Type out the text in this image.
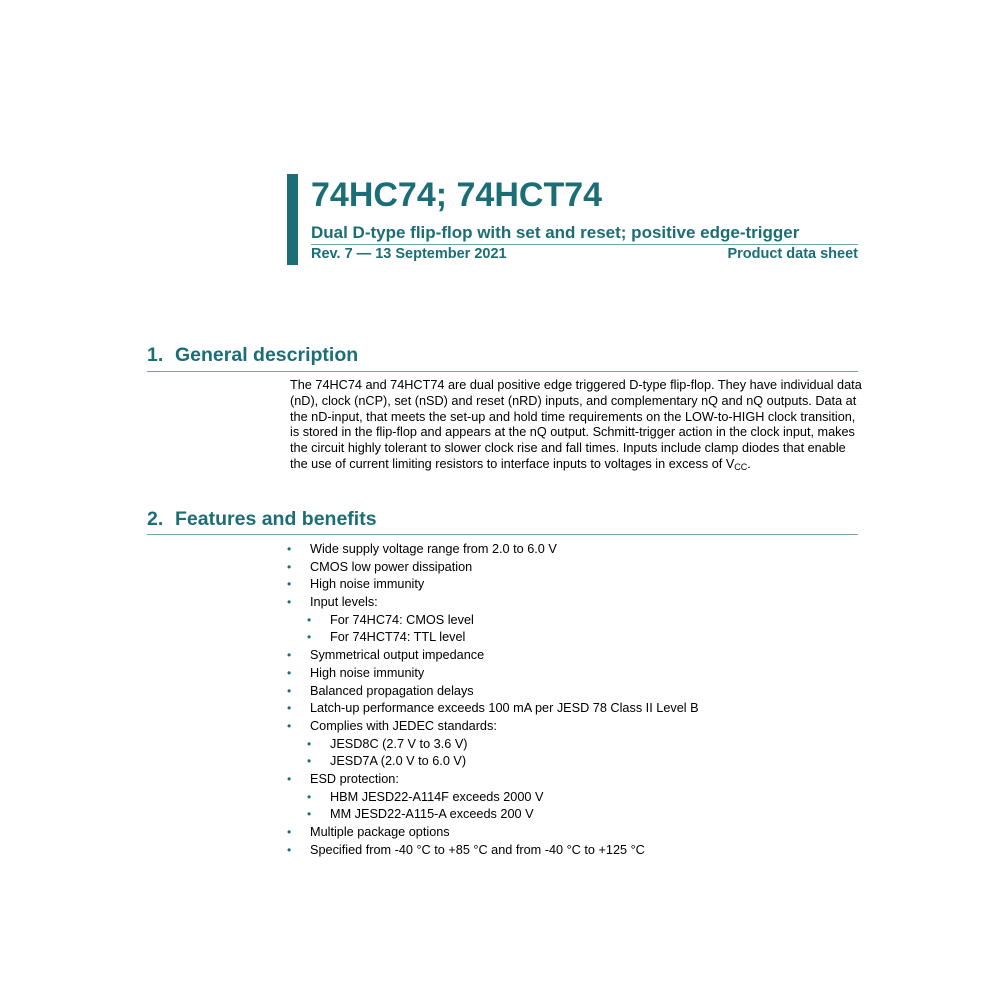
74HC74; 74HCT74
Dual D-type flip-flop with set and reset; positive edge-trigger
Rev. 7 — 13 September 2021	Product data sheet
1. General description

The 74HC74 and 74HCT74 are dual positive edge triggered D-type flip-flop. They have individual data (nD), clock (nCP), set (nSD) and reset (nRD) inputs, and complementary nQ and nQ outputs. Data at the nD-input, that meets the set-up and hold time requirements on the LOW-to-HIGH clock transition, is stored in the flip-flop and appears at the nQ output. Schmitt-trigger action in the clock input, makes the circuit highly tolerant to slower clock rise and fall times. Inputs include clamp diodes that enable the use of current limiting resistors to interface inputs to voltages in excess of $V_{CC}$.

2. Features and benefits
• Wide supply voltage range from 2.0 to 6.0 V
• CMOS low power dissipation
• High noise immunity
• Input levels:
• For 74HC74: CMOS level
• For 74HCT74: TTL level
• Symmetrical output impedance
• High noise immunity
• Balanced propagation delays
• Latch-up performance exceeds 100 mA per JESD 78 Class II Level B
• Complies with JEDEC standards:
• JESD8C (2.7 V to 3.6 V)
• JESD7A (2.0 V to 6.0 V)
• ESD protection:
• HBM JESD22-A114F exceeds 2000 V
• MM JESD22-A115-A exceeds 200 V
• Multiple package options
• Specified from -40 °C to +85 °C and from -40 °C to +125 °C
